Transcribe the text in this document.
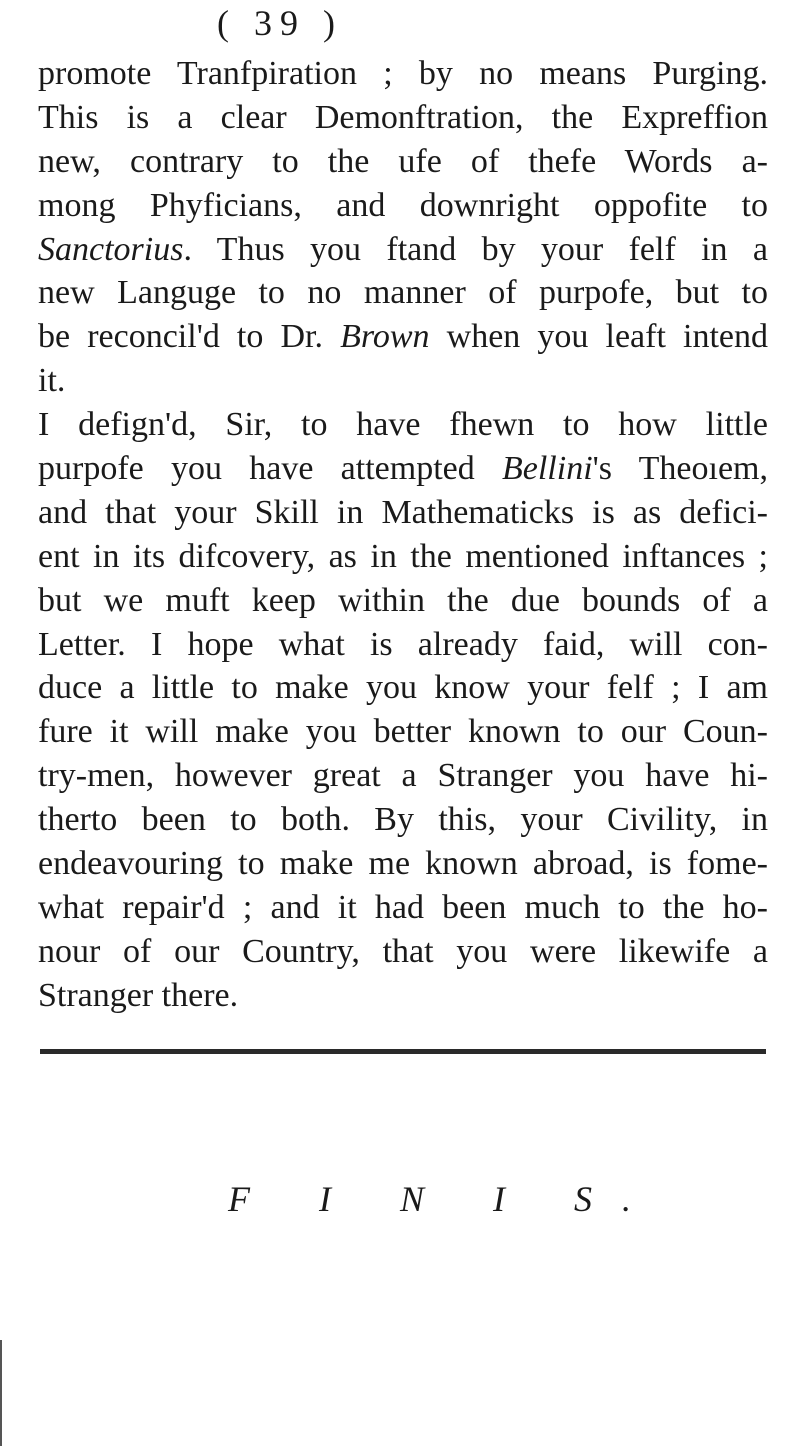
( 39 )
promote Tranfpiration ; by no means Purging.
This is a clear Demonftration, the Expreffion
new, contrary to the ufe of thefe Words a-
mong Phyficians, and downright oppofite to
Sanctorius. Thus you ftand by your felf in a
new Languge to no manner of purpofe, but to
be reconcil'd to Dr. Brown when you leaft intend
it.
I defign'd, Sir, to have fhewn to how little
purpofe you have attempted Bellini's Theoıem,
and that your Skill in Mathematicks is as defici-
ent in its difcovery, as in the mentioned inftances ;
but we muft keep within the due bounds of a
Letter. I hope what is already faid, will con-
duce a little to make you know your felf ; I am
fure it will make you better known to our Coun-
try-men, however great a Stranger you have hi-
therto been to both. By this, your Civility, in
endeavouring to make me known abroad, is fome-
what repair'd ; and it had been much to the ho-
nour of our Country, that you were likewife a
Stranger there.
F I N I S.
